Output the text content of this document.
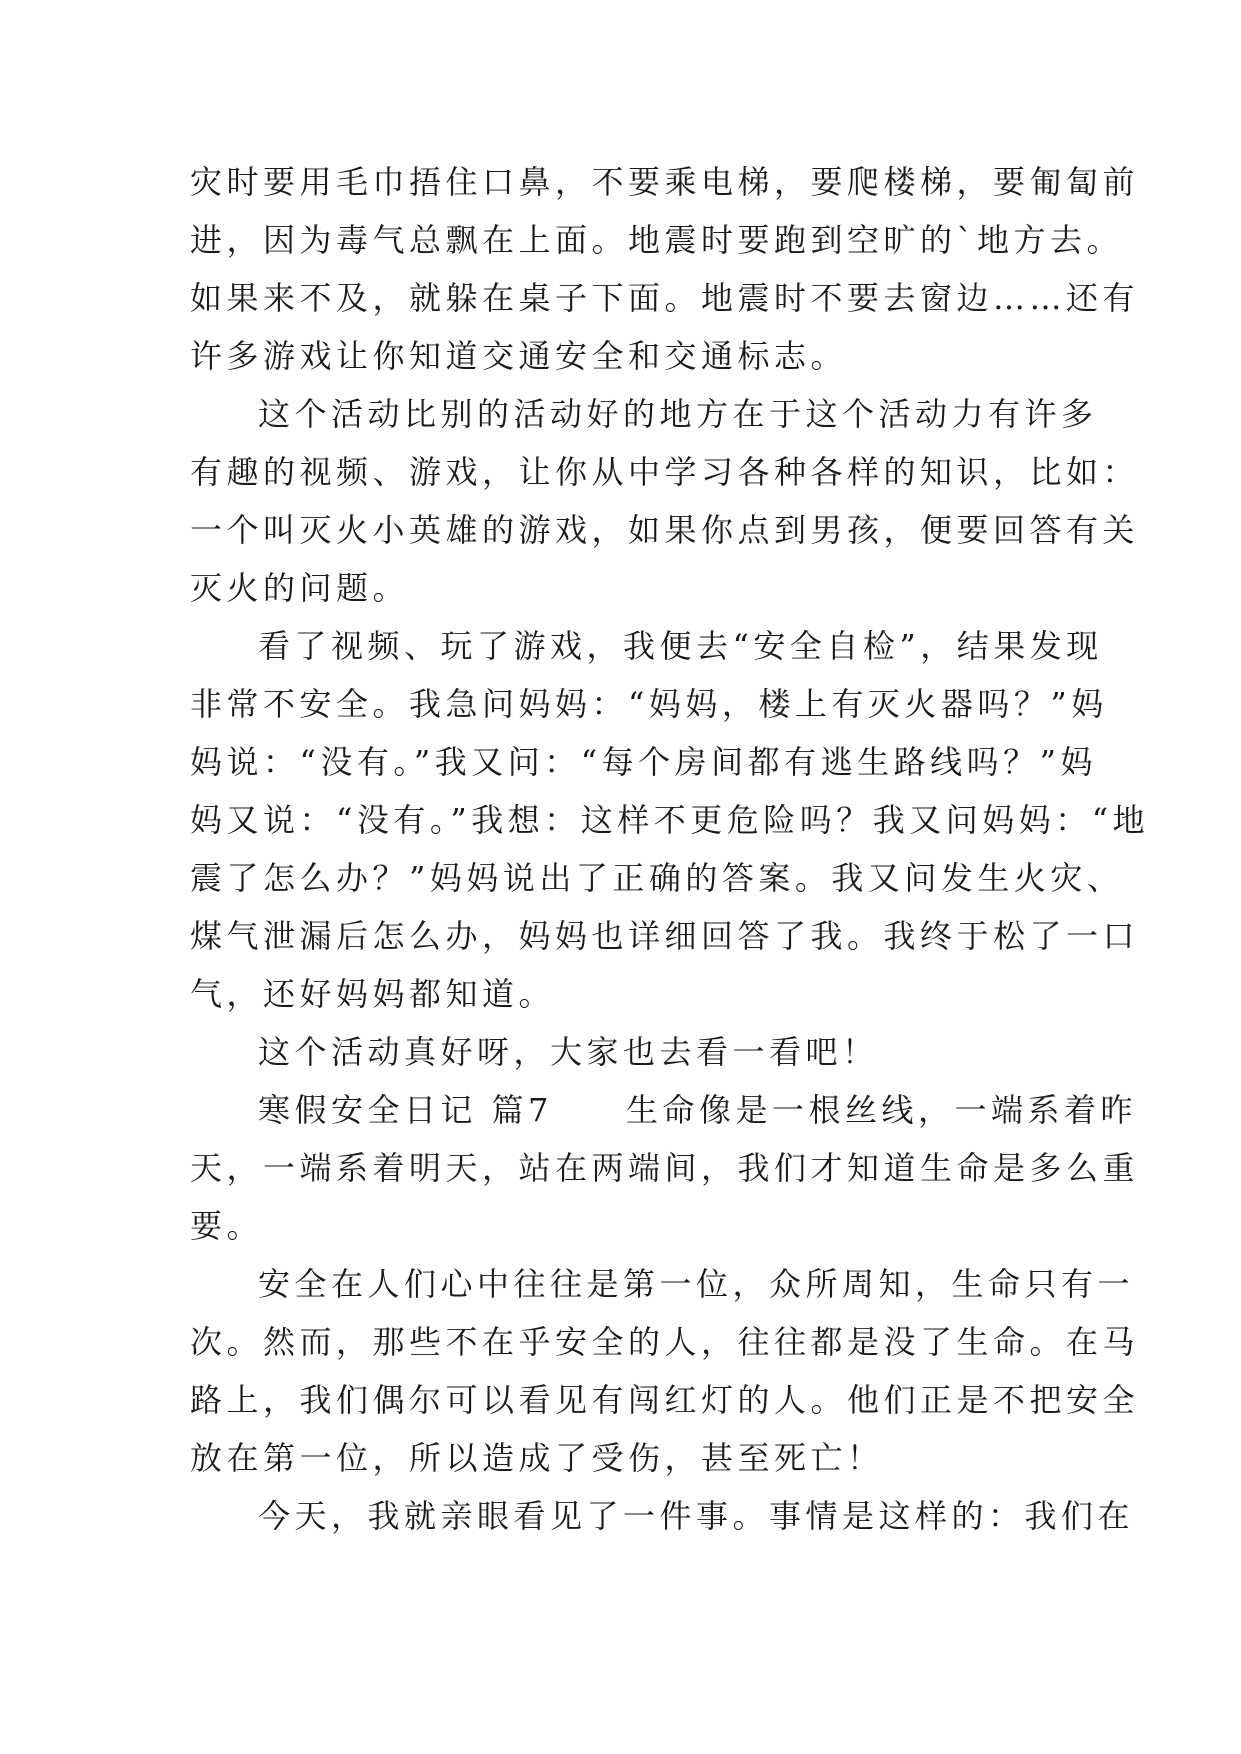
灾时要用毛巾捂住口鼻，不要乘电梯，要爬楼梯，要匍匐前
进，因为毒气总飘在上面。地震时要跑到空旷的`地方去。
如果来不及，就躲在桌子下面。地震时不要去窗边……还有
许多游戏让你知道交通安全和交通标志。
这个活动比别的活动好的地方在于这个活动力有许多
有趣的视频、游戏，让你从中学习各种各样的知识，比如：
一个叫灭火小英雄的游戏，如果你点到男孩，便要回答有关
灭火的问题。
看了视频、玩了游戏，我便去“安全自检”，结果发现
非常不安全。我急问妈妈：“妈妈，楼上有灭火器吗？”妈
妈说：“没有。”我又问：“每个房间都有逃生路线吗？”妈
妈又说：“没有。”我想：这样不更危险吗？我又问妈妈：“地
震了怎么办？”妈妈说出了正确的答案。我又问发生火灾、
煤气泄漏后怎么办，妈妈也详细回答了我。我终于松了一口
气，还好妈妈都知道。
这个活动真好呀，大家也去看一看吧！
寒假安全日记 篇7　　生命像是一根丝线，一端系着昨
天，一端系着明天，站在两端间，我们才知道生命是多么重
要。
安全在人们心中往往是第一位，众所周知，生命只有一
次。然而，那些不在乎安全的人，往往都是没了生命。在马
路上，我们偶尔可以看见有闯红灯的人。他们正是不把安全
放在第一位，所以造成了受伤，甚至死亡！
今天，我就亲眼看见了一件事。事情是这样的：我们在
